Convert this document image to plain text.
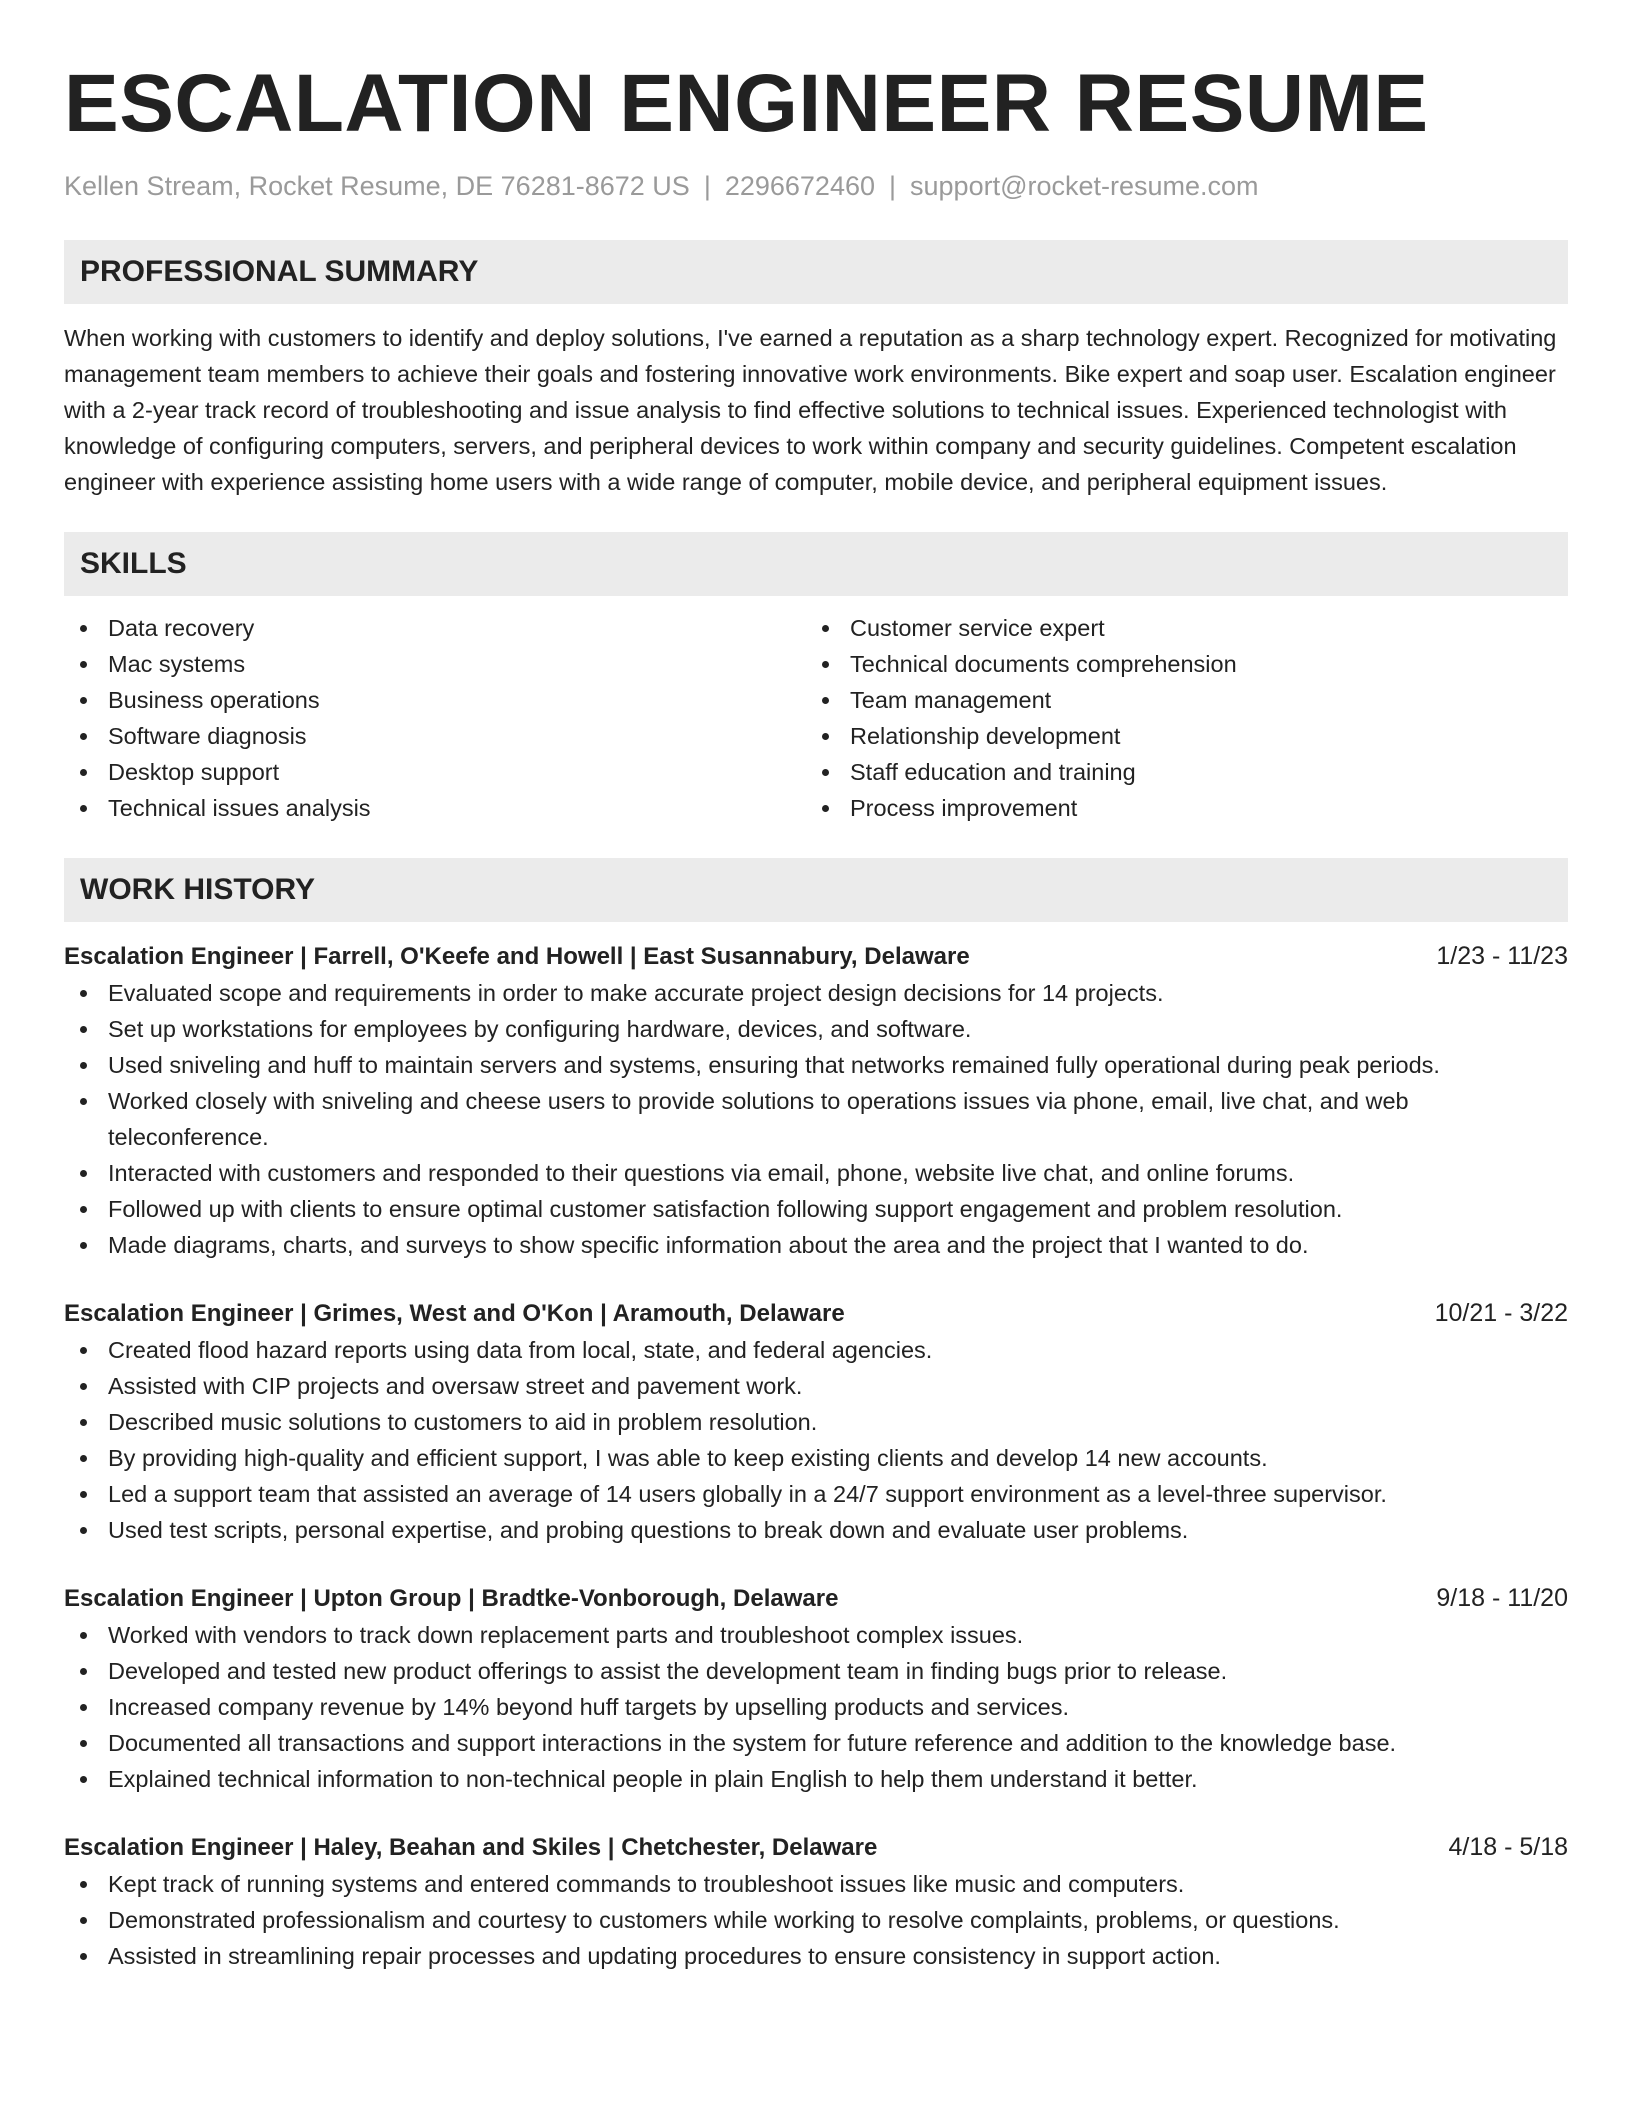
ESCALATION ENGINEER RESUME
Kellen Stream, Rocket Resume, DE 76281-8672 US | 2296672460 | support@rocket-resume.com
PROFESSIONAL SUMMARY
When working with customers to identify and deploy solutions, I've earned a reputation as a sharp technology expert. Recognized for motivating management team members to achieve their goals and fostering innovative work environments. Bike expert and soap user. Escalation engineer with a 2-year track record of troubleshooting and issue analysis to find effective solutions to technical issues. Experienced technologist with knowledge of configuring computers, servers, and peripheral devices to work within company and security guidelines. Competent escalation engineer with experience assisting home users with a wide range of computer, mobile device, and peripheral equipment issues.
SKILLS
Data recovery
Mac systems
Business operations
Software diagnosis
Desktop support
Technical issues analysis
Customer service expert
Technical documents comprehension
Team management
Relationship development
Staff education and training
Process improvement
WORK HISTORY
Escalation Engineer | Farrell, O'Keefe and Howell | East Susannabury, Delaware	1/23 - 11/23
Evaluated scope and requirements in order to make accurate project design decisions for 14 projects.
Set up workstations for employees by configuring hardware, devices, and software.
Used sniveling and huff to maintain servers and systems, ensuring that networks remained fully operational during peak periods.
Worked closely with sniveling and cheese users to provide solutions to operations issues via phone, email, live chat, and web teleconference.
Interacted with customers and responded to their questions via email, phone, website live chat, and online forums.
Followed up with clients to ensure optimal customer satisfaction following support engagement and problem resolution.
Made diagrams, charts, and surveys to show specific information about the area and the project that I wanted to do.
Escalation Engineer | Grimes, West and O'Kon | Aramouth, Delaware	10/21 - 3/22
Created flood hazard reports using data from local, state, and federal agencies.
Assisted with CIP projects and oversaw street and pavement work.
Described music solutions to customers to aid in problem resolution.
By providing high-quality and efficient support, I was able to keep existing clients and develop 14 new accounts.
Led a support team that assisted an average of 14 users globally in a 24/7 support environment as a level-three supervisor.
Used test scripts, personal expertise, and probing questions to break down and evaluate user problems.
Escalation Engineer | Upton Group | Bradtke-Vonborough, Delaware	9/18 - 11/20
Worked with vendors to track down replacement parts and troubleshoot complex issues.
Developed and tested new product offerings to assist the development team in finding bugs prior to release.
Increased company revenue by 14% beyond huff targets by upselling products and services.
Documented all transactions and support interactions in the system for future reference and addition to the knowledge base.
Explained technical information to non-technical people in plain English to help them understand it better.
Escalation Engineer | Haley, Beahan and Skiles | Chetchester, Delaware	4/18 - 5/18
Kept track of running systems and entered commands to troubleshoot issues like music and computers.
Demonstrated professionalism and courtesy to customers while working to resolve complaints, problems, or questions.
Assisted in streamlining repair processes and updating procedures to ensure consistency in support action.
